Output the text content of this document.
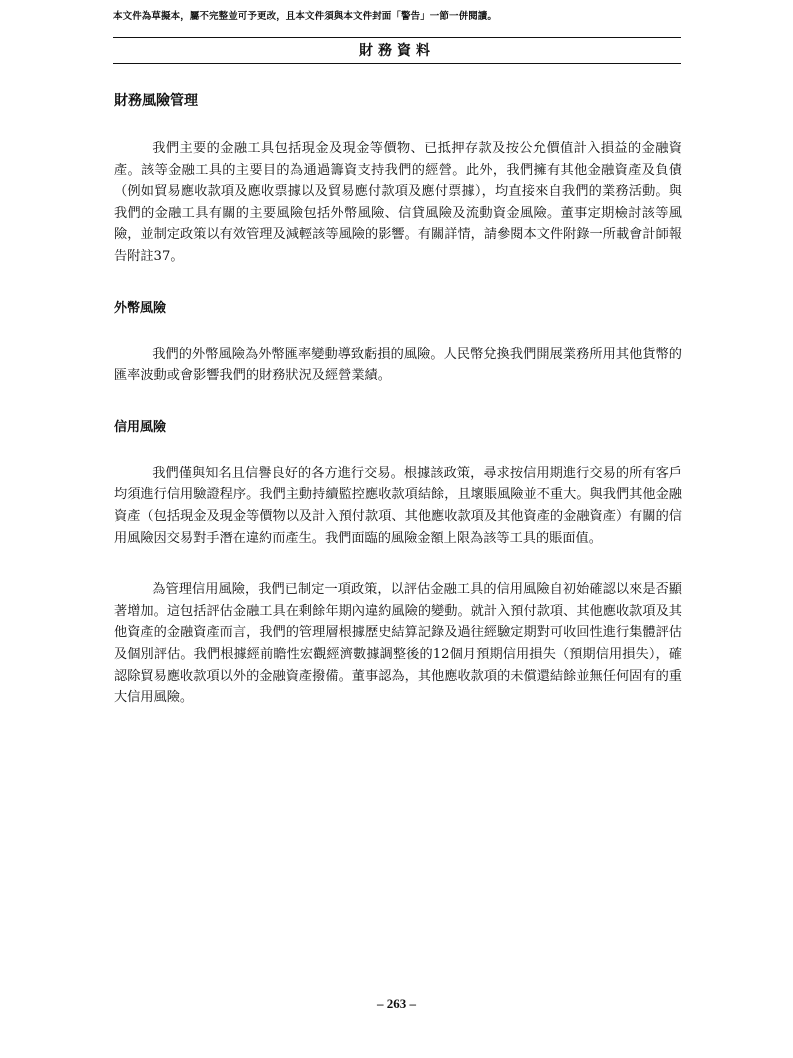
本文件為草擬本，屬不完整並可予更改，且本文件須與本文件封面「警告」一節一併閱讀。
財務資料
財務風險管理

我們主要的金融工具包括現金及現金等價物、已抵押存款及按公允價值計入損益的金融資產。該等金融工具的主要目的為通過籌資支持我們的經營。此外，我們擁有其他金融資產及負債（例如貿易應收款項及應收票據以及貿易應付款項及應付票據），均直接來自我們的業務活動。與我們的金融工具有關的主要風險包括外幣風險、信貸風險及流動資金風險。董事定期檢討該等風險，並制定政策以有效管理及減輕該等風險的影響。有關詳情，請參閱本文件附錄一所載會計師報告附註37。

外幣風險

我們的外幣風險為外幣匯率變動導致虧損的風險。人民幣兌換我們開展業務所用其他貨幣的匯率波動或會影響我們的財務狀況及經營業績。

信用風險

我們僅與知名且信譽良好的各方進行交易。根據該政策，尋求按信用期進行交易的所有客戶均須進行信用驗證程序。我們主動持續監控應收款項結餘，且壞賬風險並不重大。與我們其他金融資產（包括現金及現金等價物以及計入預付款項、其他應收款項及其他資產的金融資產）有關的信用風險因交易對手潛在違約而產生。我們面臨的風險金額上限為該等工具的賬面值。

為管理信用風險，我們已制定一項政策，以評估金融工具的信用風險自初始確認以來是否顯著增加。這包括評估金融工具在剩餘年期內違約風險的變動。就計入預付款項、其他應收款項及其他資產的金融資產而言，我們的管理層根據歷史結算記錄及過往經驗定期對可收回性進行集體評估及個別評估。我們根據經前瞻性宏觀經濟數據調整後的12個月預期信用損失（預期信用損失），確認除貿易應收款項以外的金融資產撥備。董事認為，其他應收款項的未償還結餘並無任何固有的重大信用風險。

– 263 –
